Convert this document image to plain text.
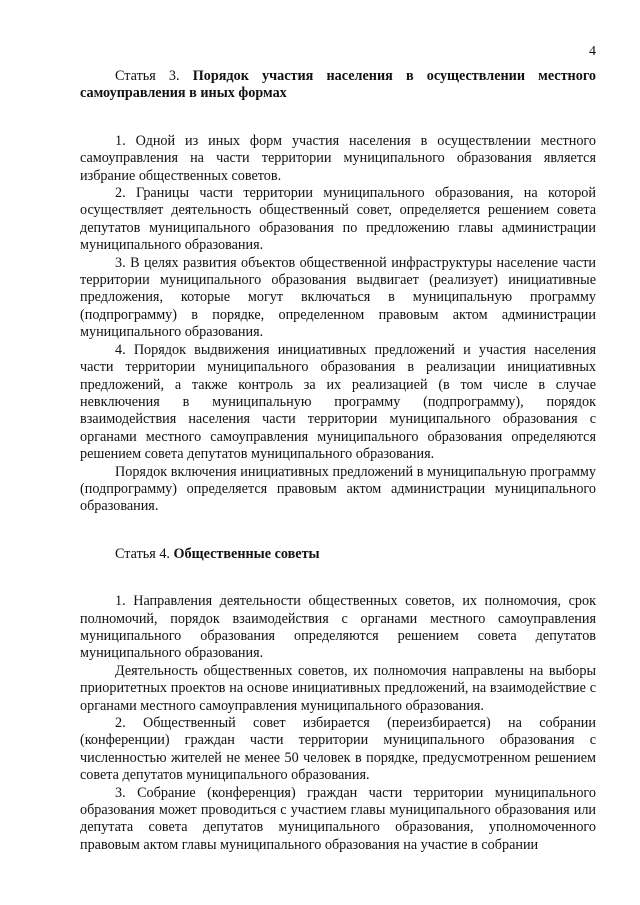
4

Статья 3. Порядок участия населения в осуществлении местного самоуправления в иных формах

1. Одной из иных форм участия населения в осуществлении местного самоуправления на части территории муниципального образования является избрание общественных советов.

2. Границы части территории муниципального образования, на которой осуществляет деятельность общественный совет, определяется решением совета депутатов муниципального образования по предложению главы администрации муниципального образования.

3. В целях развития объектов общественной инфраструктуры население части территории муниципального образования выдвигает (реализует) инициативные предложения, которые могут включаться в муниципальную программу (подпрограмму) в порядке, определенном правовым актом администрации муниципального образования.

4. Порядок выдвижения инициативных предложений и участия населения части территории муниципального образования в реализации инициативных предложений, а также контроль за их реализацией (в том числе в случае невключения в муниципальную программу (подпрограмму), порядок взаимодействия населения части территории муниципального образования с органами местного самоуправления муниципального образования определяются решением совета депутатов муниципального образования.

Порядок включения инициативных предложений в муниципальную программу (подпрограмму) определяется правовым актом администрации муниципального образования.

Статья 4. Общественные советы

1. Направления деятельности общественных советов, их полномочия, срок полномочий, порядок взаимодействия с органами местного самоуправления муниципального образования определяются решением совета депутатов муниципального образования.

Деятельность общественных советов, их полномочия направлены на выборы приоритетных проектов на основе инициативных предложений, на взаимодействие с органами местного самоуправления муниципального образования.

2. Общественный совет избирается (переизбирается) на собрании (конференции) граждан части территории муниципального образования с численностью жителей не менее 50 человек в порядке, предусмотренном решением совета депутатов муниципального образования.

3. Собрание (конференция) граждан части территории муниципального образования может проводиться с участием главы муниципального образования или депутата совета депутатов муниципального образования, уполномоченного правовым актом главы муниципального образования на участие в собрании
